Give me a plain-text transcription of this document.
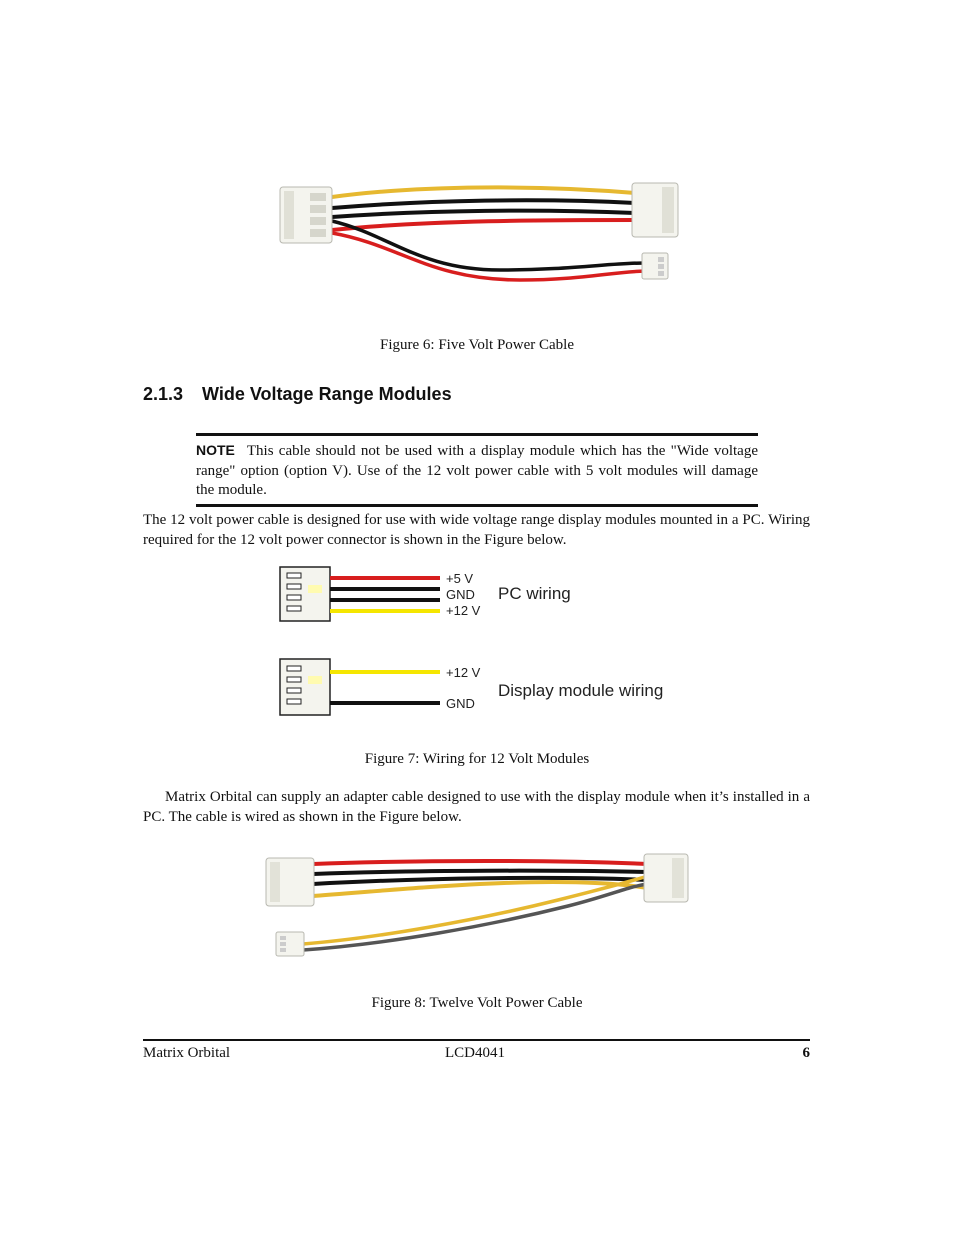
Figure 6: Five Volt Power Cable
2.1.3 Wide Voltage Range Modules
NOTE This cable should not be used with a display module which has the "Wide voltage range" option (option V). Use of the 12 volt power cable with 5 volt modules will damage the module.
The 12 volt power cable is designed for use with wide voltage range display modules mounted in a PC. Wiring required for the 12 volt power connector is shown in the Figure below.
+5 V
GND
+12 V
PC wiring
+12 V
GND
Display module wiring
Figure 7: Wiring for 12 Volt Modules
Matrix Orbital can supply an adapter cable designed to use with the display module when it’s installed in a PC. The cable is wired as shown in the Figure below.
Figure 8: Twelve Volt Power Cable
Matrix Orbital	LCD4041	6
